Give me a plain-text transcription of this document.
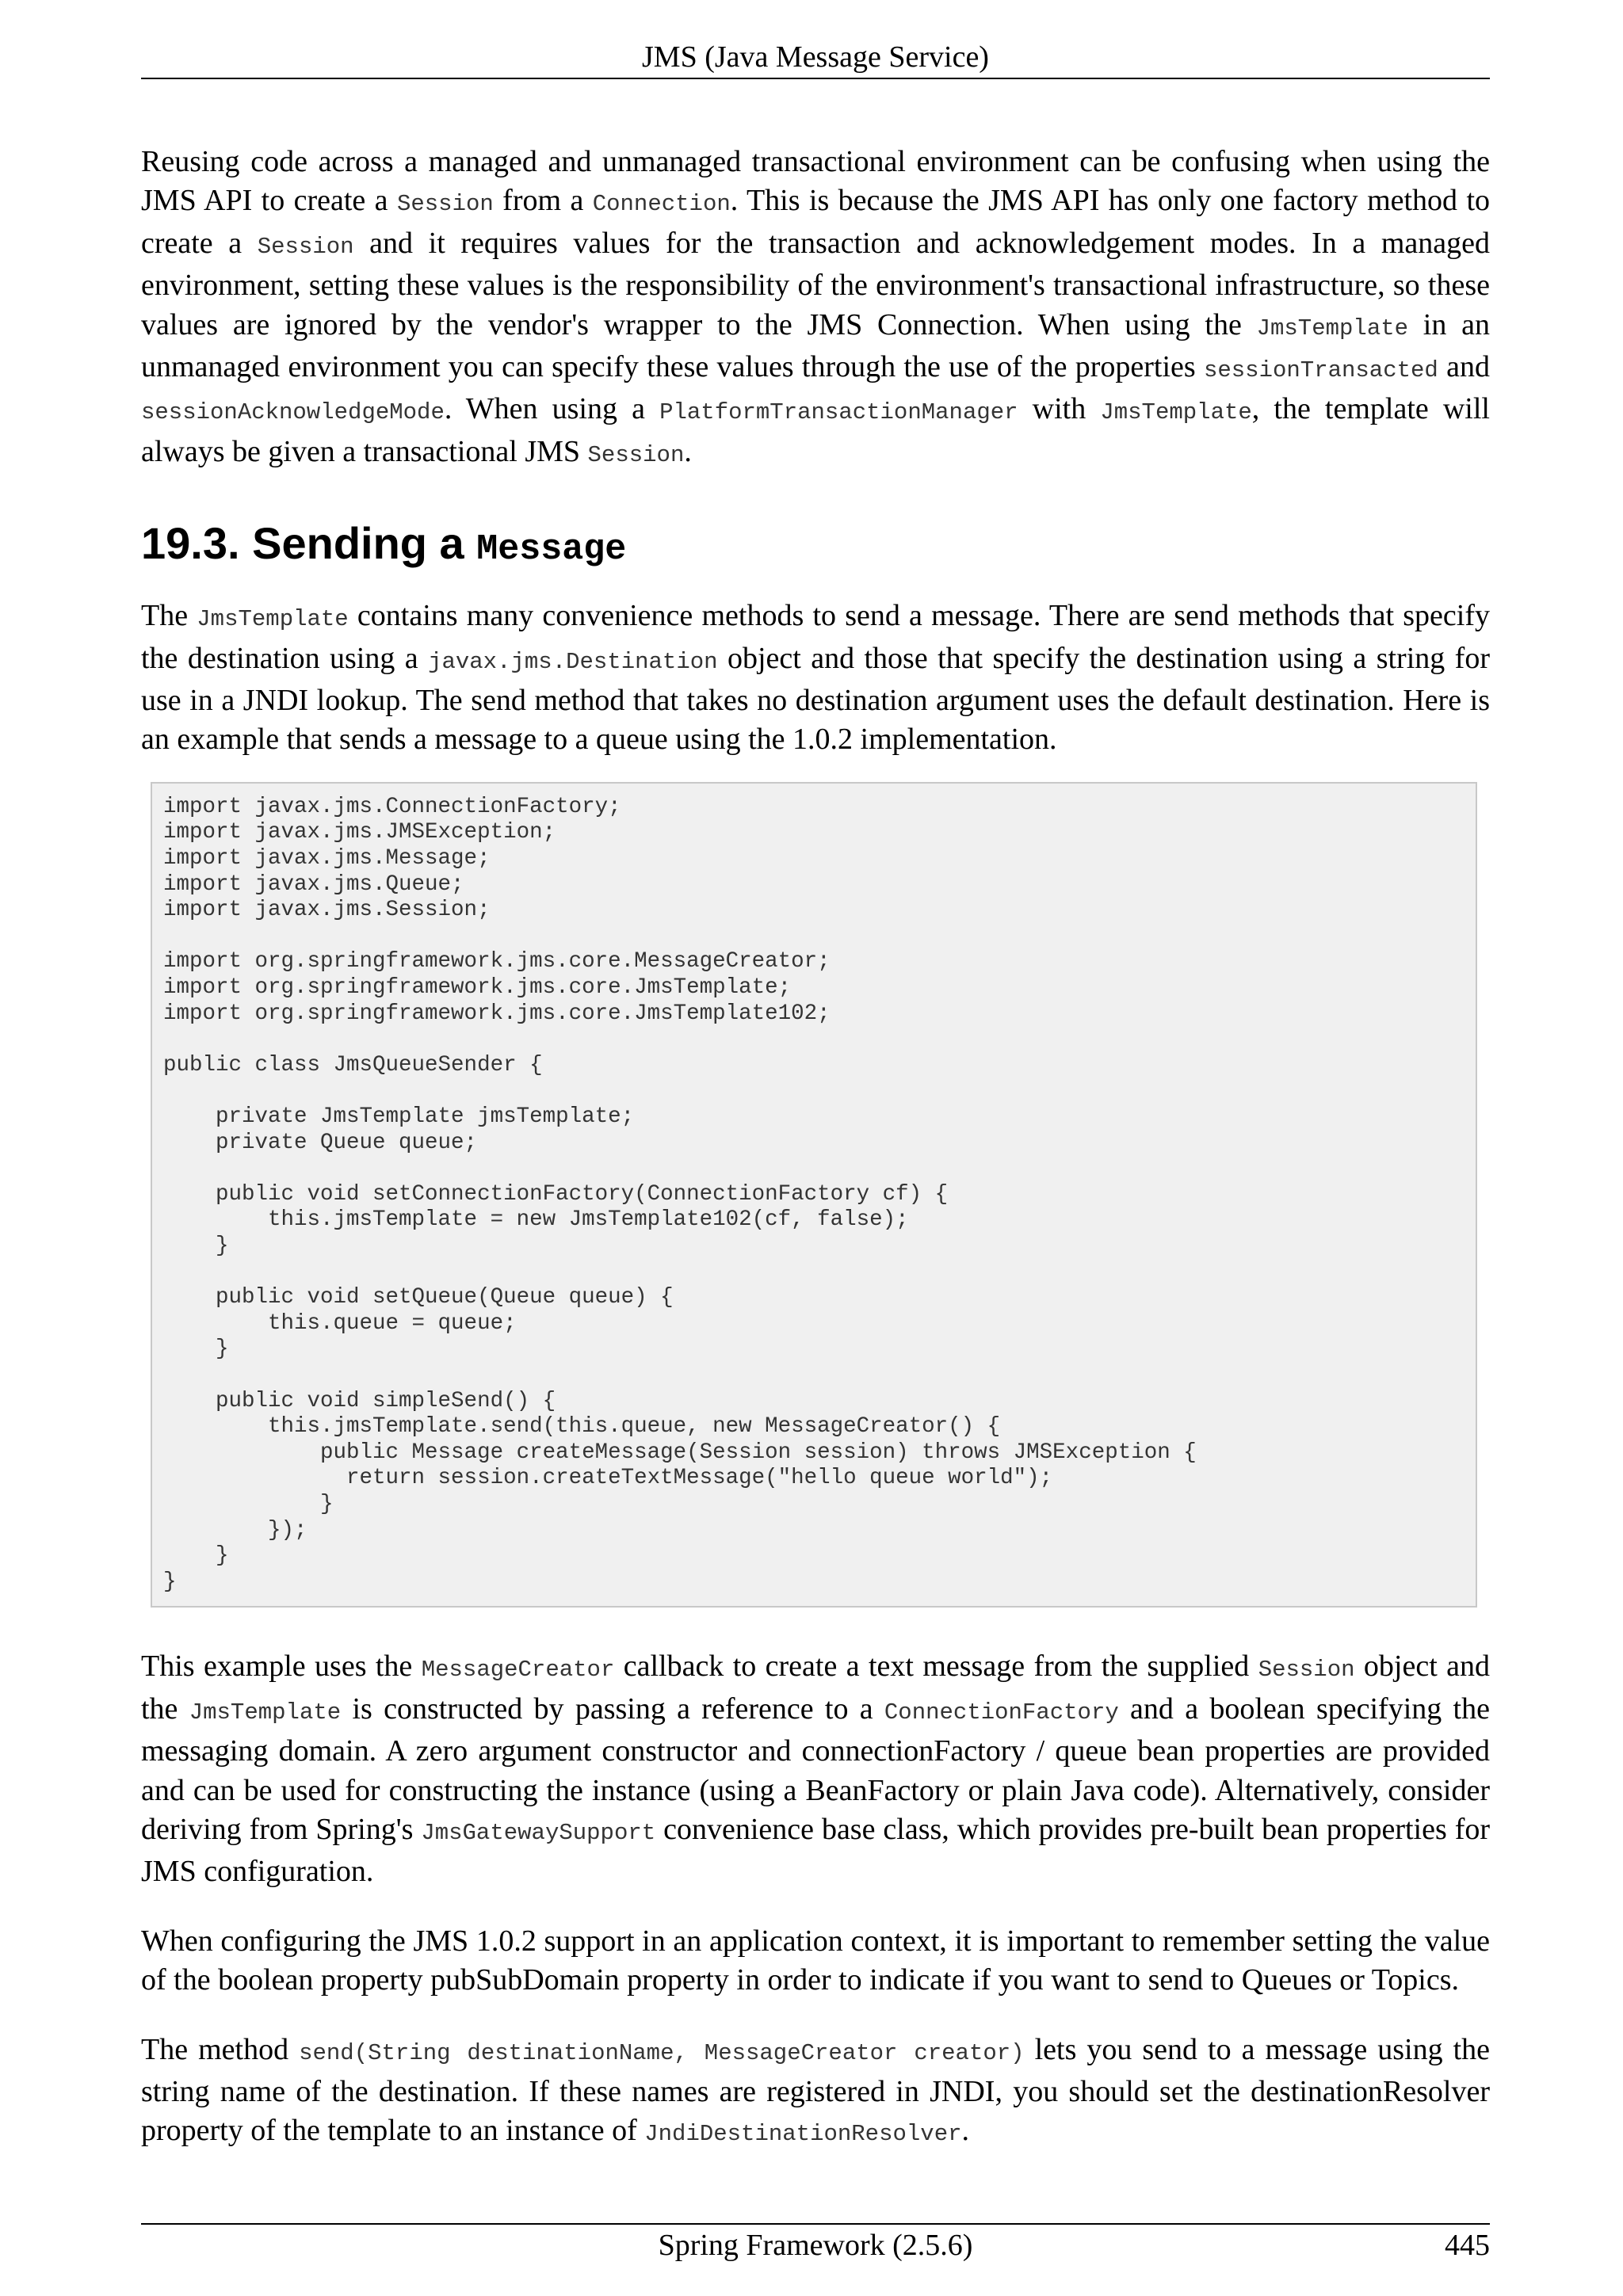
JMS (Java Message Service)

Reusing code across a managed and unmanaged transactional environment can be confusing when using the JMS API to create a Session from a Connection. This is because the JMS API has only one factory method to create a Session and it requires values for the transaction and acknowledgement modes. In a managed environment, setting these values is the responsibility of the environment's transactional infrastructure, so these values are ignored by the vendor's wrapper to the JMS Connection. When using the JmsTemplate in an unmanaged environment you can specify these values through the use of the properties sessionTransacted and sessionAcknowledgeMode. When using a PlatformTransactionManager with JmsTemplate, the template will always be given a transactional JMS Session.

19.3. Sending a Message

The JmsTemplate contains many convenience methods to send a message. There are send methods that specify the destination using a javax.jms.Destination object and those that specify the destination using a string for use in a JNDI lookup. The send method that takes no destination argument uses the default destination. Here is an example that sends a message to a queue using the 1.0.2 implementation.

import javax.jms.ConnectionFactory;
import javax.jms.JMSException;
import javax.jms.Message;
import javax.jms.Queue;
import javax.jms.Session;

import org.springframework.jms.core.MessageCreator;
import org.springframework.jms.core.JmsTemplate;
import org.springframework.jms.core.JmsTemplate102;

public class JmsQueueSender {

private JmsTemplate jmsTemplate;
private Queue queue;

public void setConnectionFactory(ConnectionFactory cf) {
this.jmsTemplate = new JmsTemplate102(cf, false);
}

public void setQueue(Queue queue) {
this.queue = queue;
}

public void simpleSend() {
this.jmsTemplate.send(this.queue, new MessageCreator() {
public Message createMessage(Session session) throws JMSException {
return session.createTextMessage("hello queue world");
}
});
}
}

This example uses the MessageCreator callback to create a text message from the supplied Session object and the JmsTemplate is constructed by passing a reference to a ConnectionFactory and a boolean specifying the messaging domain. A zero argument constructor and connectionFactory / queue bean properties are provided and can be used for constructing the instance (using a BeanFactory or plain Java code). Alternatively, consider deriving from Spring's JmsGatewaySupport convenience base class, which provides pre-built bean properties for JMS configuration.

When configuring the JMS 1.0.2 support in an application context, it is important to remember setting the value of the boolean property pubSubDomain property in order to indicate if you want to send to Queues or Topics.

The method send(String destinationName, MessageCreator creator) lets you send to a message using the string name of the destination. If these names are registered in JNDI, you should set the destinationResolver property of the template to an instance of JndiDestinationResolver.

Spring Framework (2.5.6)	445
